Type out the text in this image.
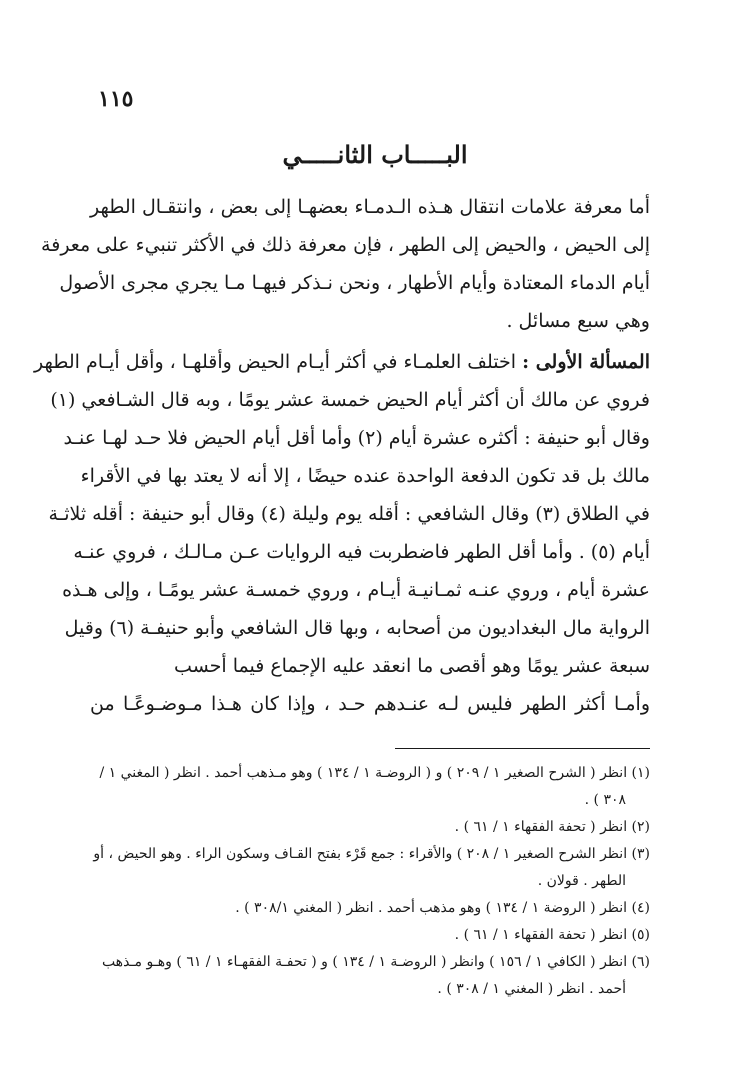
١١٥
البـــــاب الثانـــــي
أما معرفة علامات انتقال هـذه الـدمـاء بعضهـا إلى بعض ، وانتقـال الطهر
إلى الحيض ، والحيض إلى الطهر ، فإن معرفة ذلك في الأكثر تنبيء على معرفة
أيام الدماء المعتادة وأيام الأطهار ، ونحن نـذكر فيهـا مـا يجري مجرى الأصول
وهي سبع مسائل .
المسألة الأولى : اختلف العلمـاء في أكثر أيـام الحيض وأقلهـا ، وأقل أيـام الطهر
فروي عن مالك أن أكثر أيام الحيض خمسة عشر يومًا ، وبه قال الشـافعي (١)
وقال أبو حنيفة : أكثره عشرة أيام (٢) وأما أقل أيام الحيض فلا حـد لهـا عنـد
مالك بل قد تكون الدفعة الواحدة عنده حيضًا ، إلا أنه لا يعتد بها في الأقراء
في الطلاق (٣) وقال الشافعي : أقله يوم وليلة (٤) وقال أبو حنيفة : أقله ثلاثـة
أيام (٥) . وأما أقل الطهر فاضطربت فيه الروايات عـن مـالـك ، فروي عنـه
عشرة أيام ، وروي عنـه ثمـانيـة أيـام ، وروي خمسـة عشر يومًـا ، وإلى هـذه
الرواية مال البغداديون من أصحابه ، وبها قال الشافعي وأبو حنيفـة (٦) وقيل
سبعة عشر يومًا وهو أقصى ما انعقد عليه الإجماع فيما أحسب
وأمـا أكثر الطهر فليس لـه عنـدهم حـد ، وإذا كان هـذا مـوضـوعًـا من
(١) انظر ( الشرح الصغير ١ / ٢٠٩ ) و ( الروضـة ١ / ١٣٤ ) وهو مـذهب أحمد . انظر ( المغني ١ /
٣٠٨ ) .
(٢) انظر ( تحفة الفقهاء ١ / ٦١ ) .
(٣) انظر الشرح الصغير ١ / ٢٠٨ ) والأقراء : جمع قَرْء بفتح القـاف وسكون الراء . وهو الحيض ، أو
الطهر . قولان .
(٤) انظر ( الروضة ١ / ١٣٤ ) وهو مذهب أحمد . انظر ( المغني ٣٠٨/١ ) .
(٥) انظر ( تحفة الفقهاء ١ / ٦١ ) .
(٦) انظر ( الكافي ١ / ١٥٦ ) وانظر ( الروضـة ١ / ١٣٤ ) و ( تحفـة الفقهـاء ١ / ٦١ ) وهـو مـذهب
أحمد . انظر ( المغني ١ / ٣٠٨ ) .
